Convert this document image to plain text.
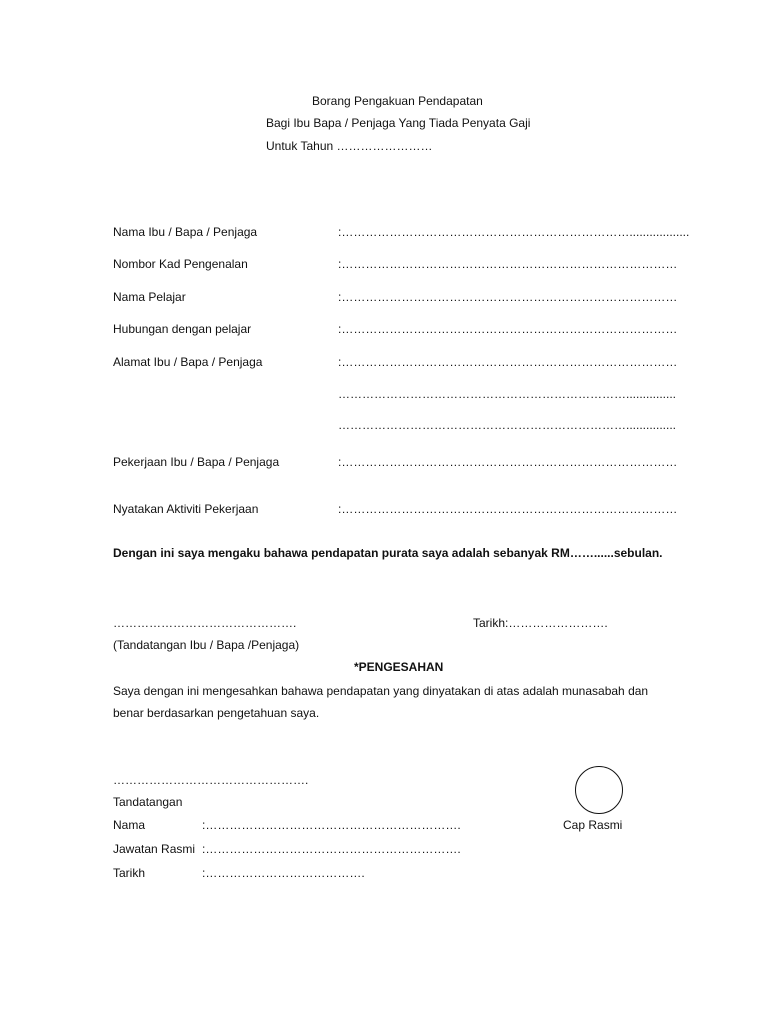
Borang Pengakuan Pendapatan
Bagi Ibu Bapa / Penjaga Yang Tiada Penyata Gaji
Untuk Tahun ……………………
Nama Ibu / Bapa / Penjaga	:………………………………………………………………..................
Nombor Kad Pengenalan	:…………………………………………………………………………
Nama Pelajar	:…………………………………………………………………………
Hubungan dengan pelajar	:…………………………………………………………………………
Alamat Ibu / Bapa / Penjaga	:…………………………………………………………………………
………………………………………………………………...............
………………………………………………………………...............
Pekerjaan Ibu / Bapa / Penjaga	:…………………………………………………………………………
Nyatakan Aktiviti Pekerjaan	:…………………………………………………………………………
Dengan ini saya mengaku bahawa pendapatan purata saya adalah sebanyak RM……......sebulan.
……………………………………….	Tarikh:…………………….
(Tandatangan Ibu / Bapa /Penjaga)
*PENGESAHAN
Saya dengan ini mengesahkan bahawa pendapatan yang dinyatakan di atas adalah munasabah dan
benar berdasarkan pengetahuan saya.
………………………………………….
Tandatangan
Nama	:……………………………………………………….
Jawatan Rasmi :……………………………………………………….
Tarikh	:………………………………….
Cap Rasmi
